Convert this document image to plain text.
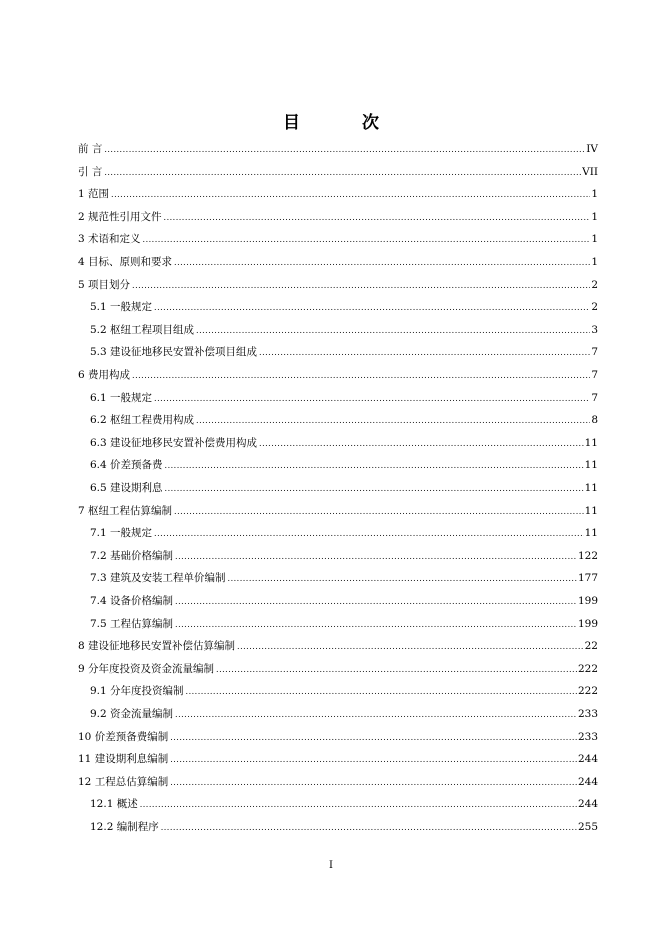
目 次
前 言 .....	IV
引 言 .....	VII
1 范围 .....	1
2 规范性引用文件 .....	1
3 术语和定义 .....	1
4 目标、原则和要求 .....	1
5 项目划分 .....	2
5.1 一般规定 .....	2
5.2 枢纽工程项目组成 .....	3
5.3 建设征地移民安置补偿项目组成 .....	7
6 费用构成 .....	7
6.1 一般规定 .....	7
6.2 枢纽工程费用构成 .....	8
6.3 建设征地移民安置补偿费用构成 .....	11
6.4 价差预备费 .....	11
6.5 建设期利息 .....	11
7 枢纽工程估算编制 .....	11
7.1 一般规定 .....	11
7.2 基础价格编制 .....	122
7.3 建筑及安装工程单价编制 .....	177
7.4 设备价格编制 .....	199
7.5 工程估算编制 .....	199
8 建设征地移民安置补偿估算编制 .....	22
9 分年度投资及资金流量编制 .....	222
9.1 分年度投资编制 .....	222
9.2 资金流量编制 .....	233
10 价差预备费编制 .....	233
11 建设期利息编制 .....	244
12 工程总估算编制 .....	244
12.1 概述 .....	244
12.2 编制程序 .....	255
I
